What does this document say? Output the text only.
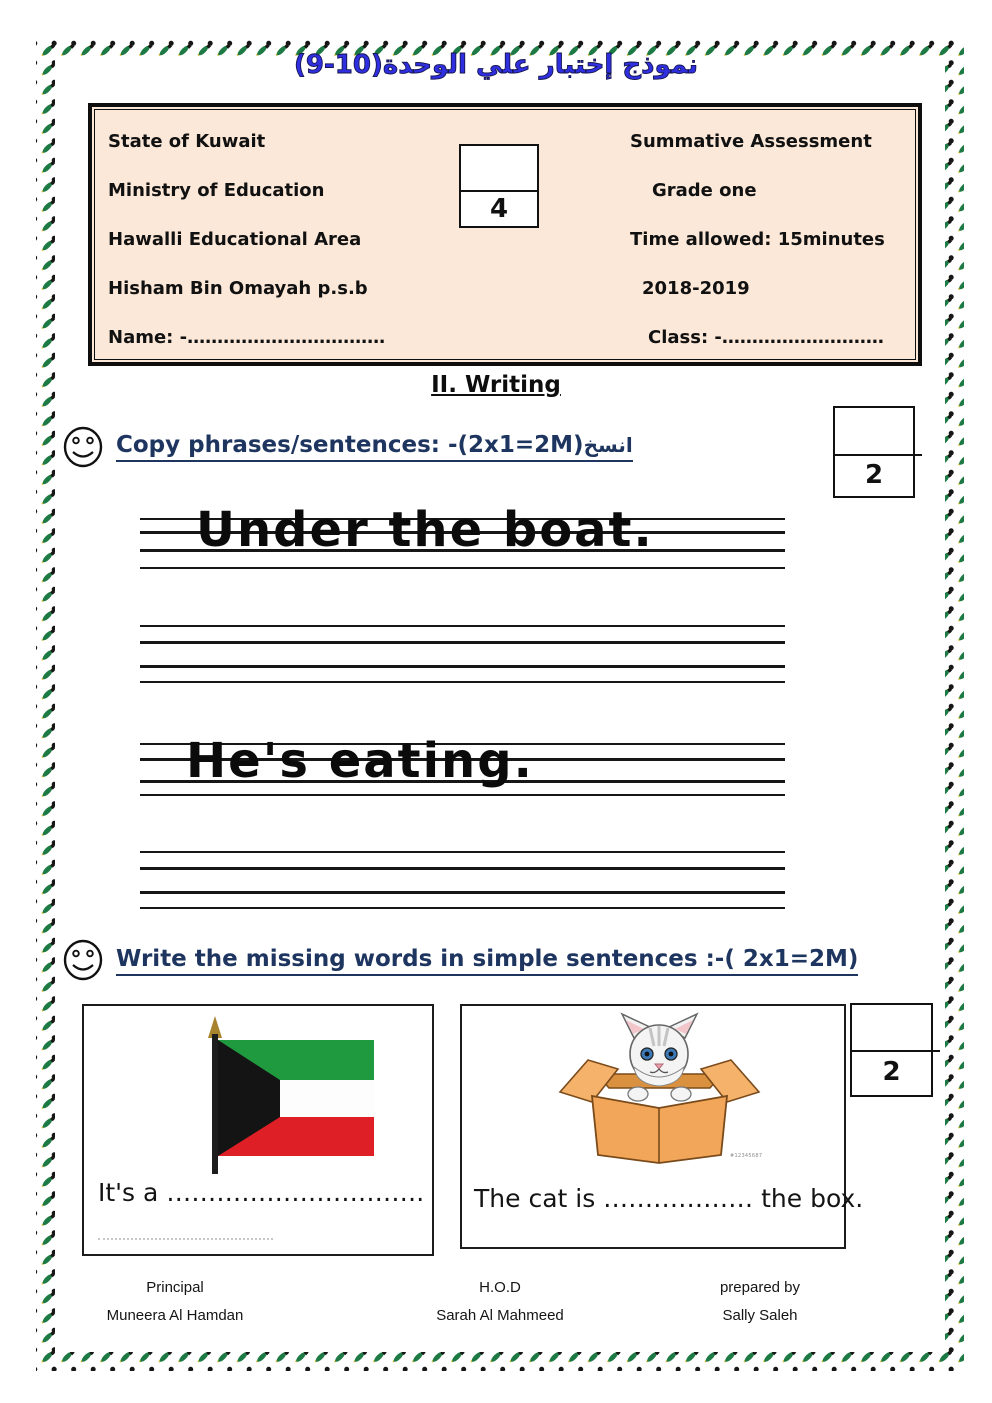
نموذج إختبار علي الوحدة(10-9)
State of Kuwait	Summative Assessment
Ministry of Education	Grade one
Hawalli Educational Area	Time allowed: 15minutes
Hisham Bin Omayah p.s.b	2018-2019
Name: -……………………………	Class: -………………………
4
II. Writing
Copy phrases/sentences: -(2x1=2M)انسخ
2
Under the boat.
He's eating.
Write the missing words in simple sentences :-( 2x1=2M)
It's a ………………………….
#12345687
The cat is ……………… the box.
2
Principal
Muneera Al Hamdan
H.O.D
Sarah Al Mahmeed
prepared by
Sally Saleh
